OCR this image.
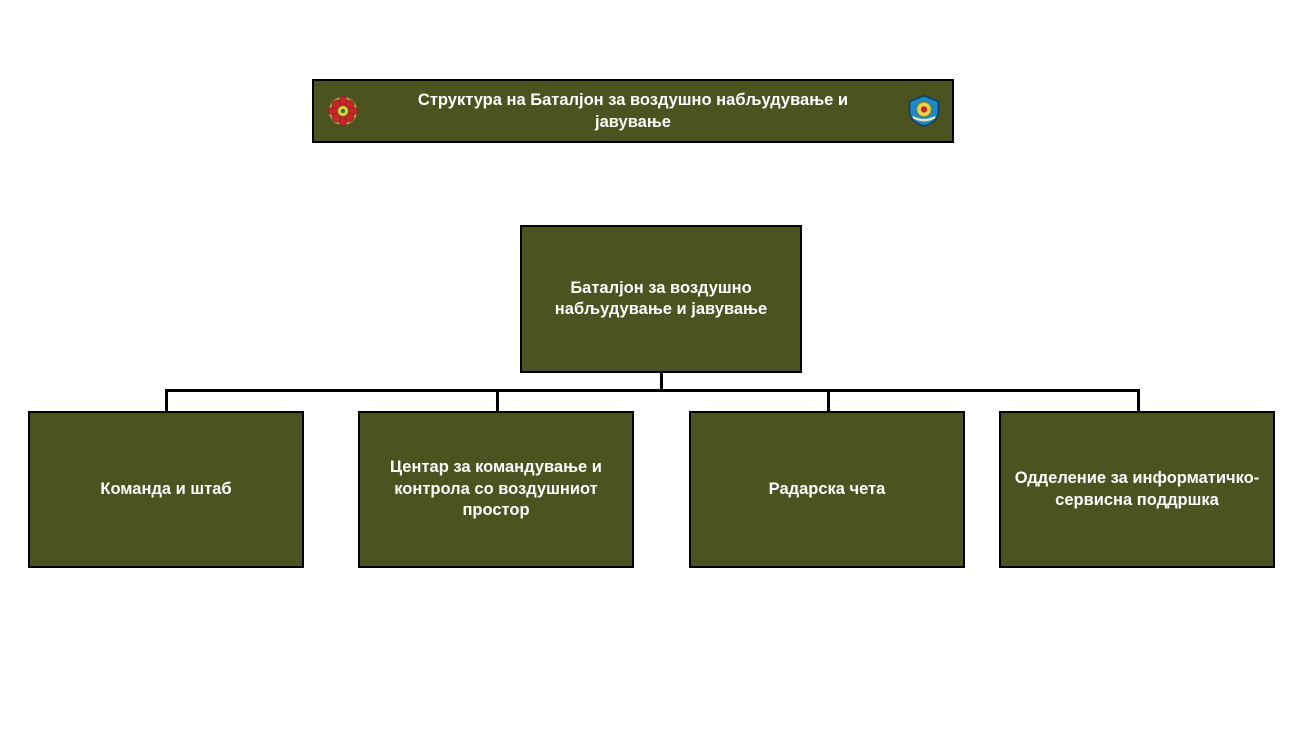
Структура на Баталјон за воздушно набљудување и јавување
Баталјон за воздушно набљудување и јавување
Команда и штаб
Центар за командување и контрола со воздушниот простор
Радарска чета
Одделение за информатичко-сервисна поддршка
